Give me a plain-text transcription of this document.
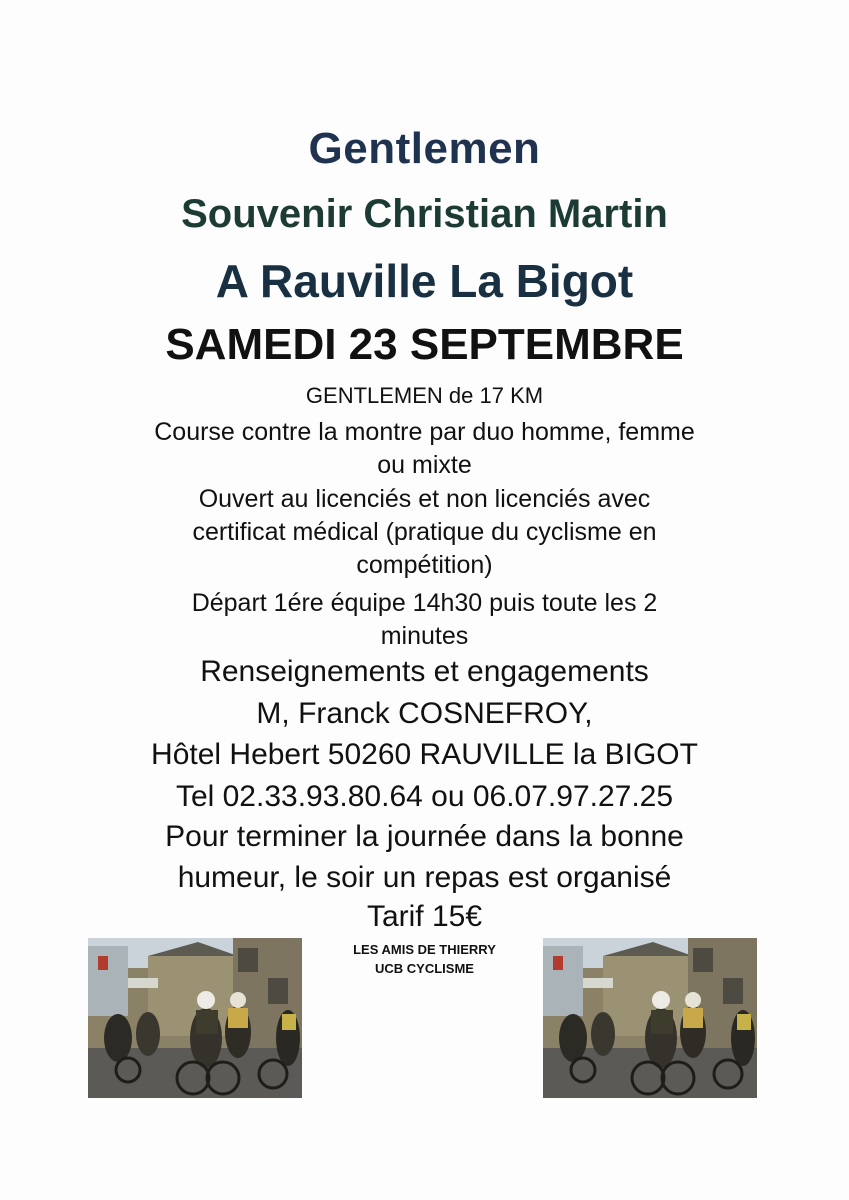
Gentlemen

Souvenir Christian Martin

A Rauville La Bigot

SAMEDI 23 SEPTEMBRE

GENTLEMEN de 17 KM

Course contre la montre par duo homme, femme

ou mixte

Ouvert au licenciés et non licenciés avec

certificat médical (pratique du cyclisme en

compétition)

Départ 1ére équipe 14h30 puis toute les 2

minutes

Renseignements et engagements

M, Franck COSNEFROY,

Hôtel Hebert 50260 RAUVILLE la BIGOT

Tel 02.33.93.80.64 ou 06.07.97.27.25

Pour terminer la journée dans la bonne

humeur, le soir un repas est organisé

Tarif 15€

LES AMIS DE THIERRY

UCB CYCLISME
